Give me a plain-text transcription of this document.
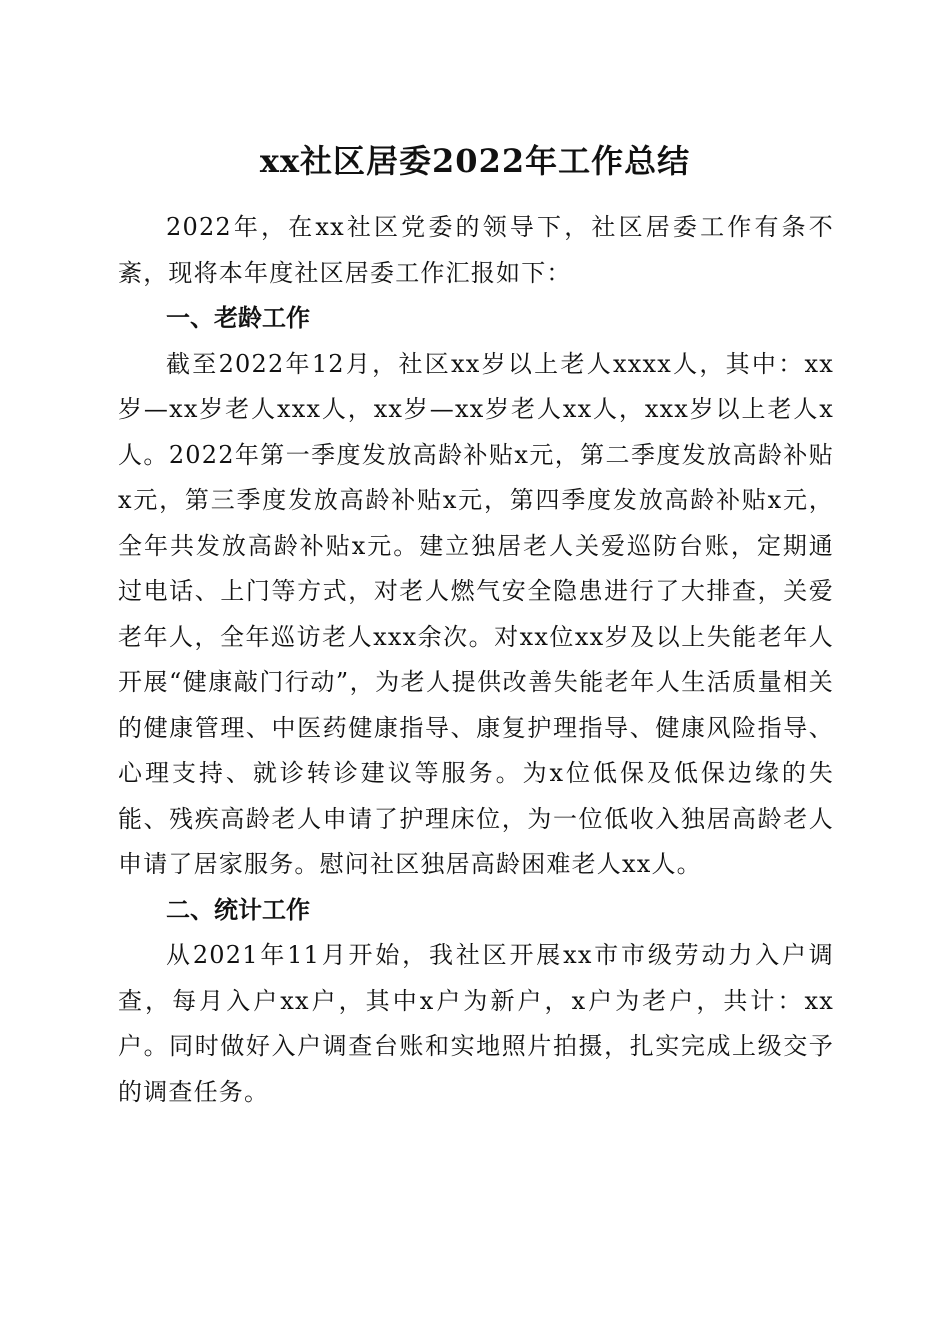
xx社区居委2022年工作总结

2022年，在xx社区党委的领导下，社区居委工作有条不紊，现将本年度社区居委工作汇报如下：

一、老龄工作

截至2022年12月，社区xx岁以上老人xxxx人，其中：xx岁—xx岁老人xxx人，xx岁—xx岁老人xx人，xxx岁以上老人x人。2022年第一季度发放高龄补贴x元，第二季度发放高龄补贴x元，第三季度发放高龄补贴x元，第四季度发放高龄补贴x元，全年共发放高龄补贴x元。建立独居老人关爱巡防台账，定期通过电话、上门等方式，对老人燃气安全隐患进行了大排查，关爱老年人，全年巡访老人xxx余次。对xx位xx岁及以上失能老年人开展“健康敲门行动”，为老人提供改善失能老年人生活质量相关的健康管理、中医药健康指导、康复护理指导、健康风险指导、心理支持、就诊转诊建议等服务。为x位低保及低保边缘的失能、残疾高龄老人申请了护理床位，为一位低收入独居高龄老人申请了居家服务。慰问社区独居高龄困难老人xx人。

二、统计工作

从2021年11月开始，我社区开展xx市市级劳动力入户调查，每月入户xx户，其中x户为新户，x户为老户，共计：xx户。同时做好入户调查台账和实地照片拍摄，扎实完成上级交予的调查任务。
